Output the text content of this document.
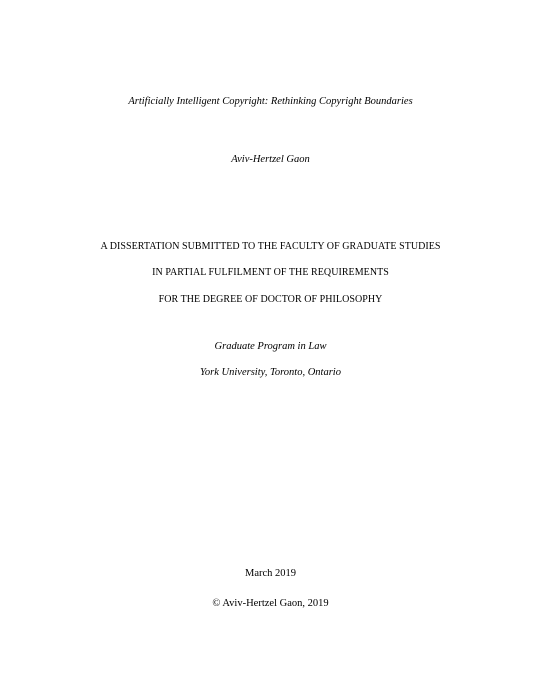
Artificially Intelligent Copyright: Rethinking Copyright Boundaries
Aviv-Hertzel Gaon
A DISSERTATION SUBMITTED TO THE FACULTY OF GRADUATE STUDIES
IN PARTIAL FULFILMENT OF THE REQUIREMENTS
FOR THE DEGREE OF DOCTOR OF PHILOSOPHY
Graduate Program in Law
York University, Toronto, Ontario
March 2019
© Aviv-Hertzel Gaon, 2019
